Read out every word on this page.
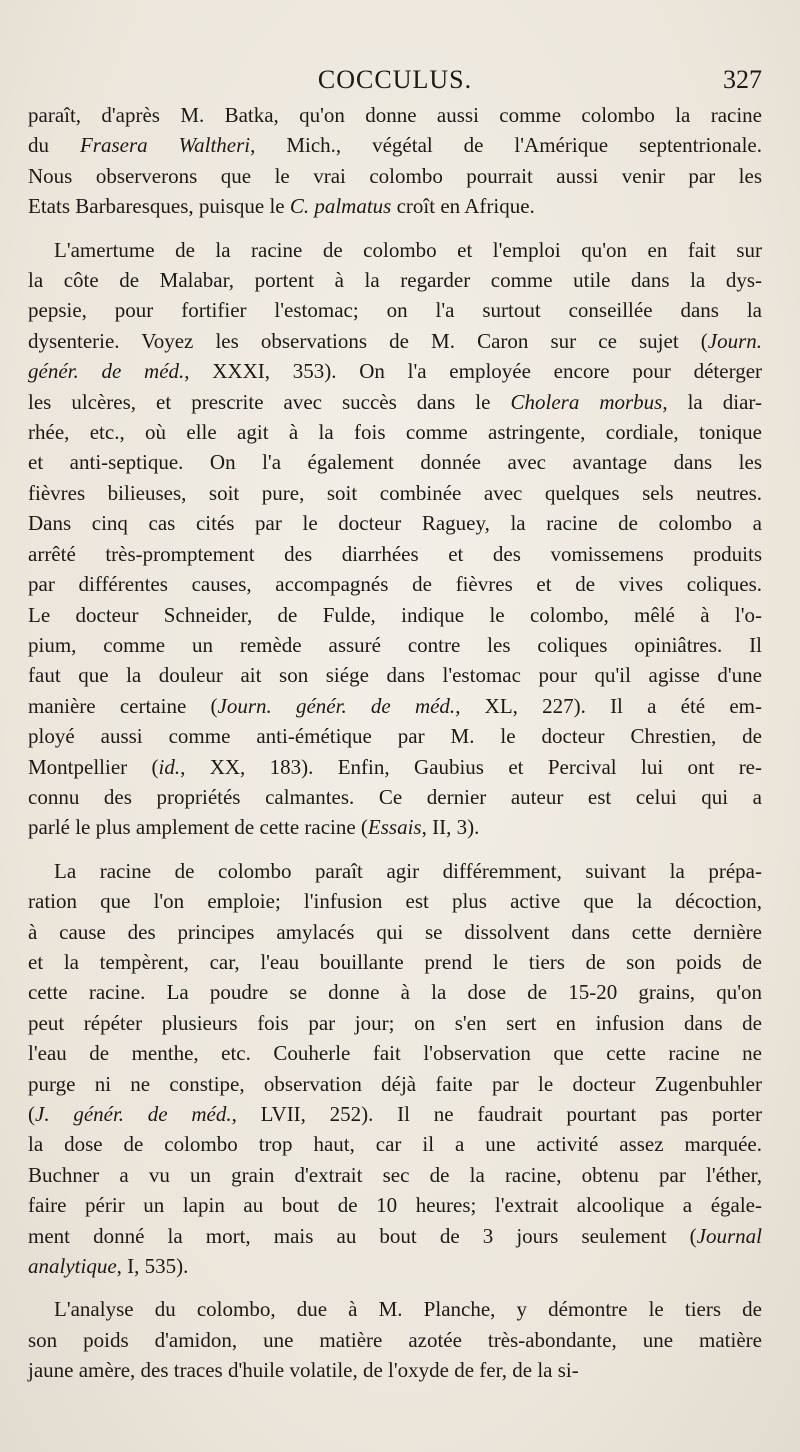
COCCULUS.	327
paraît, d'après M. Batka, qu'on donne aussi comme colombo la racine
du Frasera Waltheri, Mich., végétal de l'Amérique septentrionale.
Nous observerons que le vrai colombo pourrait aussi venir par les
Etats Barbaresques, puisque le C. palmatus croît en Afrique.
L'amertume de la racine de colombo et l'emploi qu'on en fait sur
la côte de Malabar, portent à la regarder comme utile dans la dys-
pepsie, pour fortifier l'estomac; on l'a surtout conseillée dans la
dysenterie. Voyez les observations de M. Caron sur ce sujet (Journ.
génér. de méd., XXXI, 353). On l'a employée encore pour déterger
les ulcères, et prescrite avec succès dans le Cholera morbus, la diar-
rhée, etc., où elle agit à la fois comme astringente, cordiale, tonique
et anti-septique. On l'a également donnée avec avantage dans les
fièvres bilieuses, soit pure, soit combinée avec quelques sels neutres.
Dans cinq cas cités par le docteur Raguey, la racine de colombo a
arrêté très-promptement des diarrhées et des vomissemens produits
par différentes causes, accompagnés de fièvres et de vives coliques.
Le docteur Schneider, de Fulde, indique le colombo, mêlé à l'o-
pium, comme un remède assuré contre les coliques opiniâtres. Il
faut que la douleur ait son siége dans l'estomac pour qu'il agisse d'une
manière certaine (Journ. génér. de méd., XL, 227). Il a été em-
ployé aussi comme anti-émétique par M. le docteur Chrestien, de
Montpellier (id., XX, 183). Enfin, Gaubius et Percival lui ont re-
connu des propriétés calmantes. Ce dernier auteur est celui qui a
parlé le plus amplement de cette racine (Essais, II, 3).
La racine de colombo paraît agir différemment, suivant la prépa-
ration que l'on emploie; l'infusion est plus active que la décoction,
à cause des principes amylacés qui se dissolvent dans cette dernière
et la tempèrent, car, l'eau bouillante prend le tiers de son poids de
cette racine. La poudre se donne à la dose de 15-20 grains, qu'on
peut répéter plusieurs fois par jour; on s'en sert en infusion dans de
l'eau de menthe, etc. Couherle fait l'observation que cette racine ne
purge ni ne constipe, observation déjà faite par le docteur Zugenbuhler
(J. génér. de méd., LVII, 252). Il ne faudrait pourtant pas porter
la dose de colombo trop haut, car il a une activité assez marquée.
Buchner a vu un grain d'extrait sec de la racine, obtenu par l'éther,
faire périr un lapin au bout de 10 heures; l'extrait alcoolique a égale-
ment donné la mort, mais au bout de 3 jours seulement (Journal
analytique, I, 535).
L'analyse du colombo, due à M. Planche, y démontre le tiers de
son poids d'amidon, une matière azotée très-abondante, une matière
jaune amère, des traces d'huile volatile, de l'oxyde de fer, de la si-
